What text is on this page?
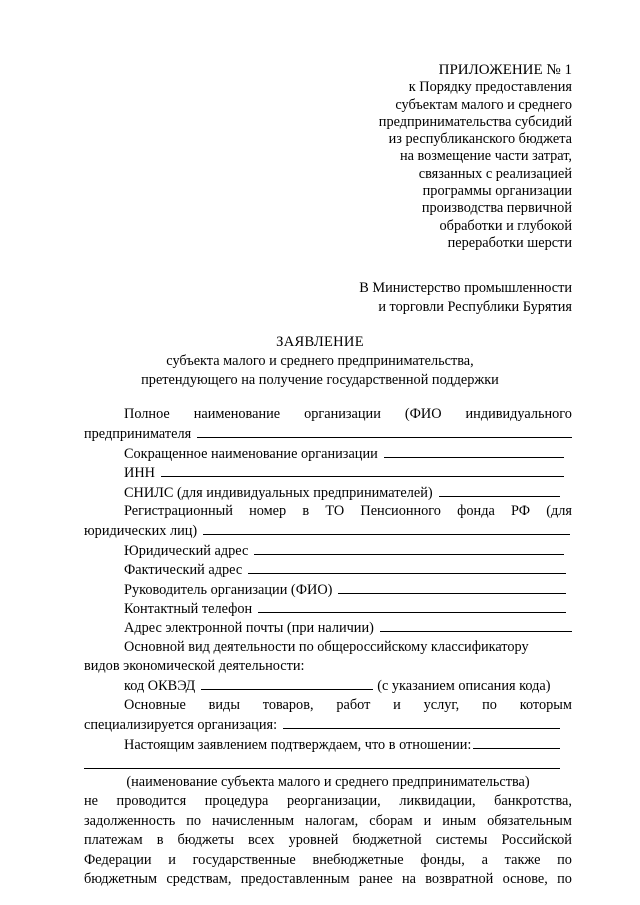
ПРИЛОЖЕНИЕ № 1
к Порядку предоставления
субъектам малого и среднего
предпринимательства субсидий
из республиканского бюджета
на возмещение части затрат,
связанных с реализацией
программы организации
производства первичной
обработки и глубокой
переработки шерсти
В Министерство промышленности
и торговли Республики Бурятия
ЗАЯВЛЕНИЕ
субъекта малого и среднего предпринимательства,
претендующего на получение государственной поддержки
Полное наименование организации (ФИО индивидуального
предпринимателя
Сокращенное наименование организации
ИНН
СНИЛС (для индивидуальных предпринимателей)
Регистрационный номер в ТО Пенсионного фонда РФ (для
юридических лиц)
Юридический адрес
Фактический адрес
Руководитель организации (ФИО)
Контактный телефон
Адрес электронной почты (при наличии)
Основной вид деятельности по общероссийскому классификатору
видов экономической деятельности:
код ОКВЭД	(с указанием описания кода)
Основные виды товаров, работ и услуг, по которым
специализируется организация:
Настоящим заявлением подтверждаем, что в отношении:
(наименование субъекта малого и среднего предпринимательства)
не проводится процедура реорганизации, ликвидации, банкротства,
задолженность по начисленным налогам, сборам и иным обязательным
платежам в бюджеты всех уровней бюджетной системы Российской
Федерации и государственные внебюджетные фонды, а также по
бюджетным средствам, предоставленным ранее на возвратной основе, по
